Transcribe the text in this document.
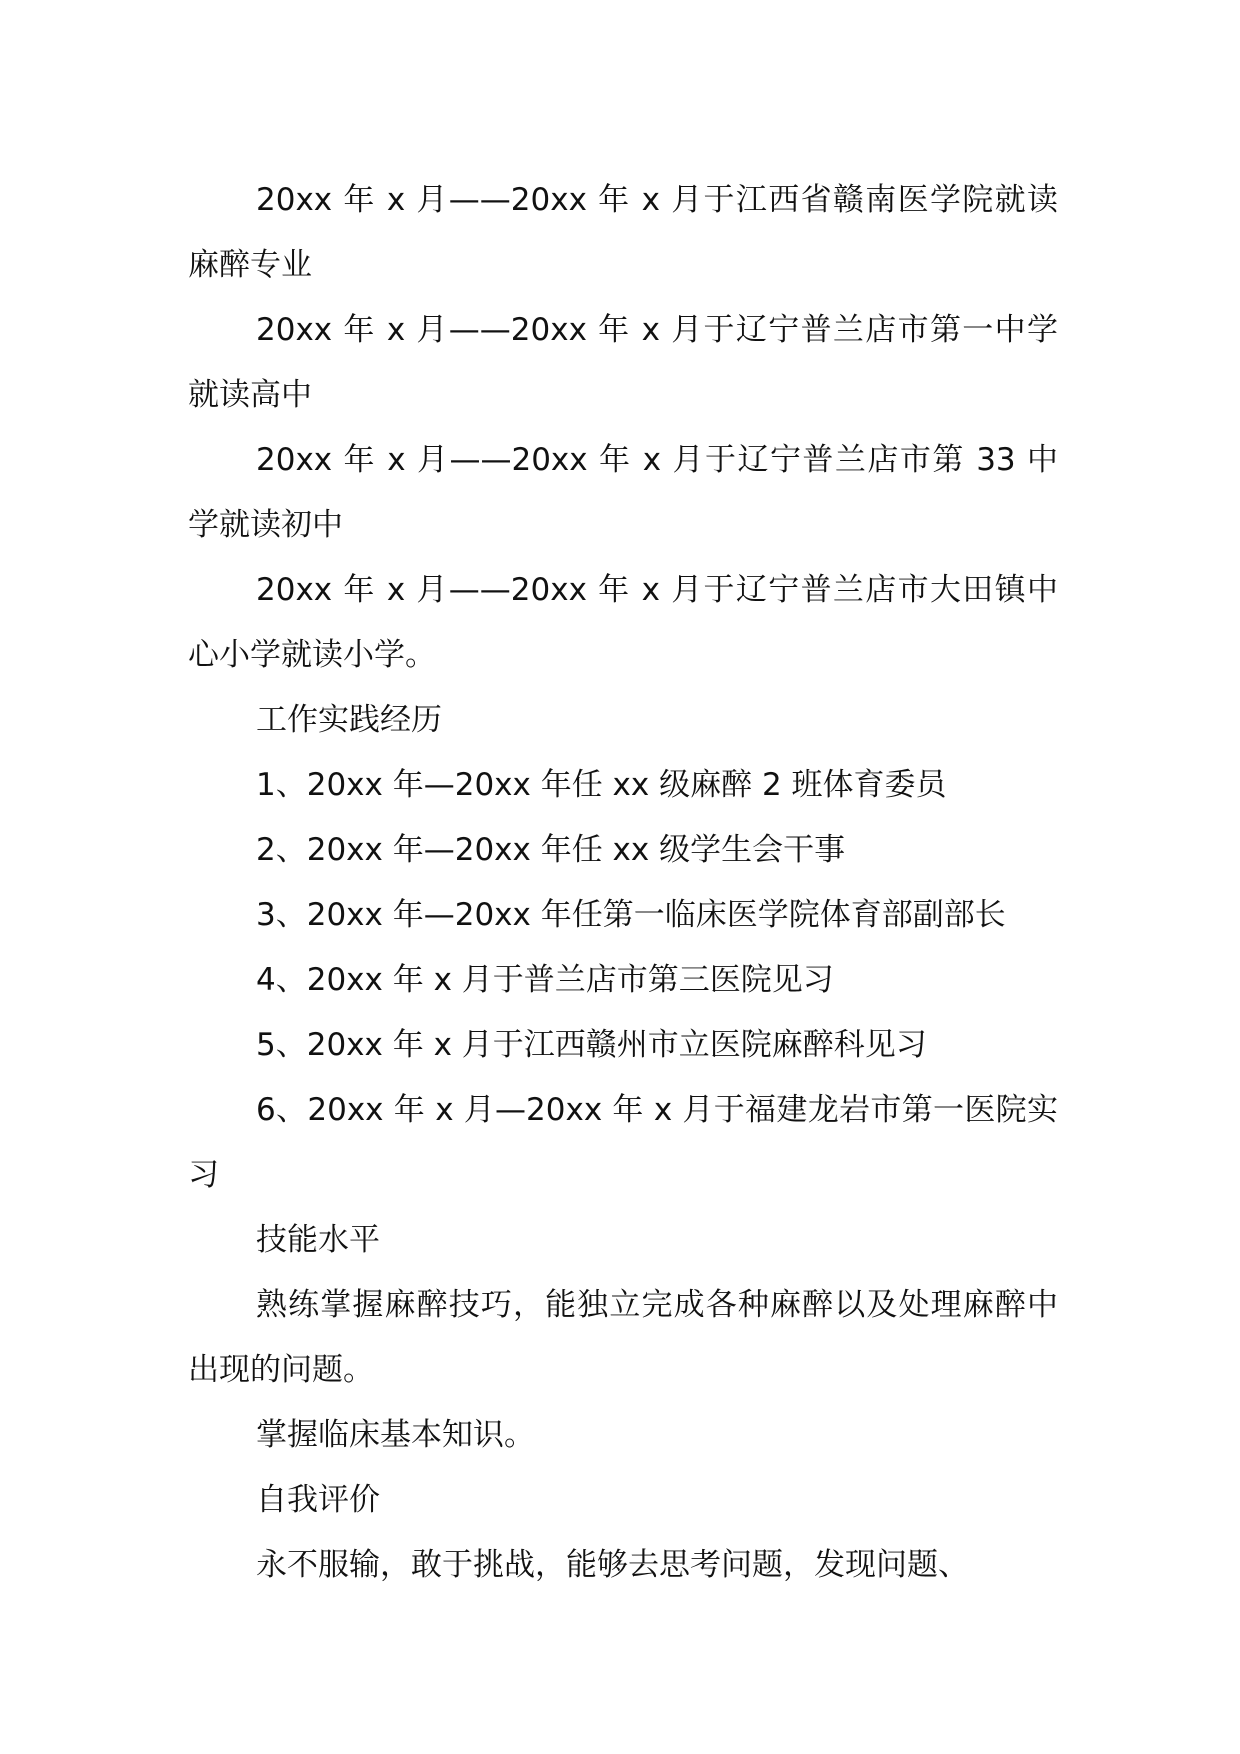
20xx 年 x 月——20xx 年 x 月于江西省赣南医学院就读麻醉专业

20xx 年 x 月——20xx 年 x 月于辽宁普兰店市第一中学就读高中

20xx 年 x 月——20xx 年 x 月于辽宁普兰店市第 33 中学就读初中

20xx 年 x 月——20xx 年 x 月于辽宁普兰店市大田镇中心小学就读小学。

工作实践经历

1、20xx 年—20xx 年任 xx 级麻醉 2 班体育委员

2、20xx 年—20xx 年任 xx 级学生会干事

3、20xx 年—20xx 年任第一临床医学院体育部副部长

4、20xx 年 x 月于普兰店市第三医院见习

5、20xx 年 x 月于江西赣州市立医院麻醉科见习

6、20xx 年 x 月—20xx 年 x 月于福建龙岩市第一医院实习

技能水平

熟练掌握麻醉技巧，能独立完成各种麻醉以及处理麻醉中出现的问题。

掌握临床基本知识。

自我评价

永不服输，敢于挑战，能够去思考问题，发现问题、
